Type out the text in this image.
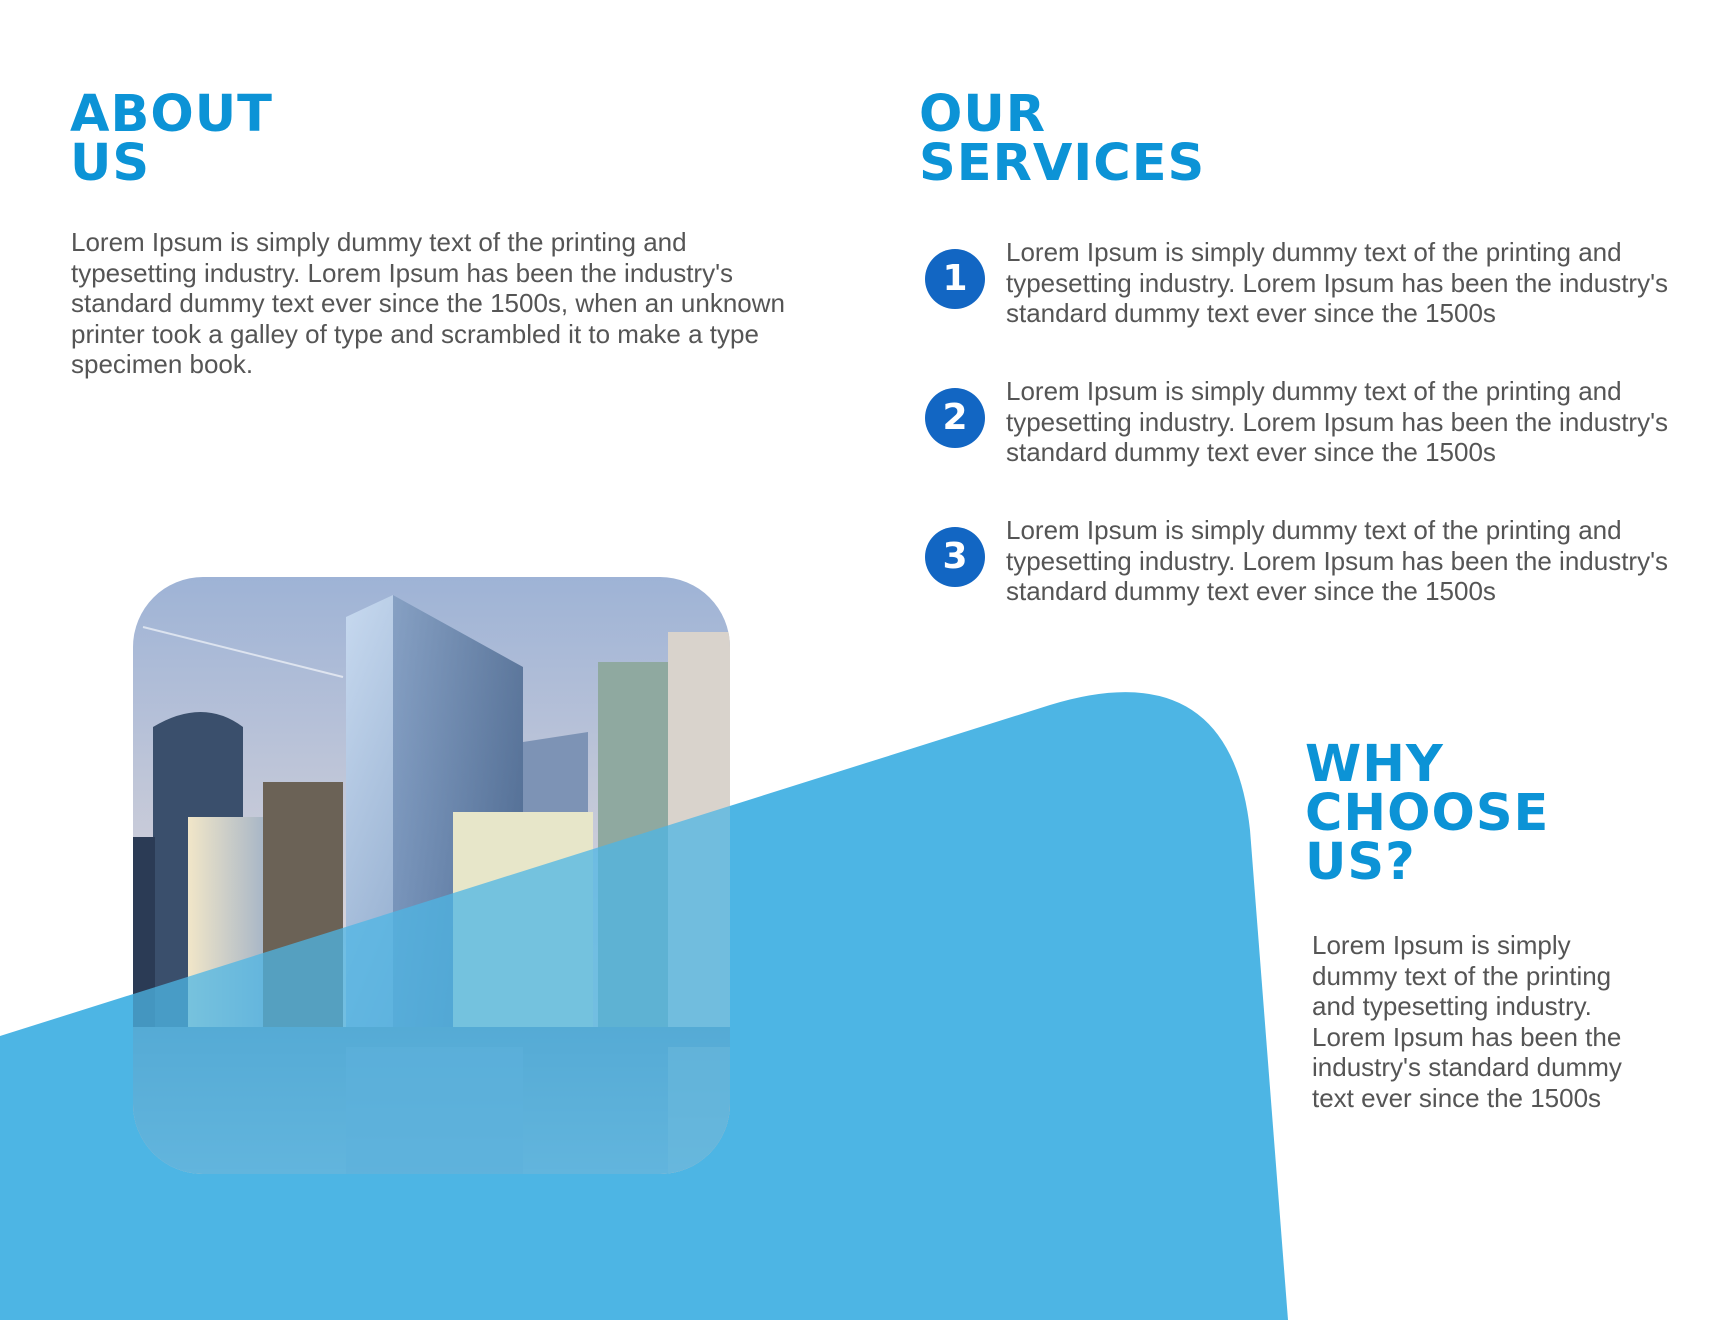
ABOUT
US

Lorem Ipsum is simply dummy text of the printing and typesetting industry. Lorem Ipsum has been the industry's standard dummy text ever since the 1500s, when an unknown printer took a galley of type and scrambled it to make a type specimen book.

OUR
SERVICES
1

Lorem Ipsum is simply dummy text of the printing and typesetting industry. Lorem Ipsum has been the industry's standard dummy text ever since the 1500s

2

Lorem Ipsum is simply dummy text of the printing and typesetting industry. Lorem Ipsum has been the industry's standard dummy text ever since the 1500s

3

Lorem Ipsum is simply dummy text of the printing and typesetting industry. Lorem Ipsum has been the industry's standard dummy text ever since the 1500s

WHY
CHOOSE
US?

Lorem Ipsum is simply dummy text of the printing and typesetting industry. Lorem Ipsum has been the industry's standard dummy text ever since the 1500s
